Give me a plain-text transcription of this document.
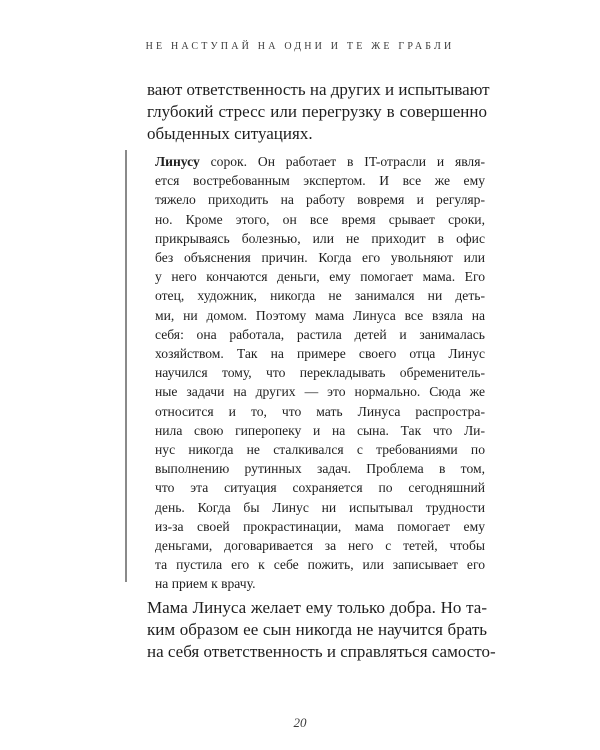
НЕ НАСТУПАЙ НА ОДНИ И ТЕ ЖЕ ГРАБЛИ
вают ответственность на других и испытывают
глубокий стресс или перегрузку в совершенно
обыденных ситуациях.
Линусу сорок. Он работает в IT-отрасли и явля-
ется востребованным экспертом. И все же ему
тяжело приходить на работу вовремя и регуляр-
но. Кроме этого, он все время срывает сроки,
прикрываясь болезнью, или не приходит в офис
без объяснения причин. Когда его увольняют или
у него кончаются деньги, ему помогает мама. Его
отец, художник, никогда не занимался ни деть-
ми, ни домом. Поэтому мама Линуса все взяла на
себя: она работала, растила детей и занималась
хозяйством. Так на примере своего отца Линус
научился тому, что перекладывать обременитель-
ные задачи на других — это нормально. Сюда же
относится и то, что мать Линуса распростра-
нила свою гиперопеку и на сына. Так что Ли-
нус никогда не сталкивался с требованиями по
выполнению рутинных задач. Проблема в том,
что эта ситуация сохраняется по сегодняшний
день. Когда бы Линус ни испытывал трудности
из-за своей прокрастинации, мама помогает ему
деньгами, договаривается за него с тетей, чтобы
та пустила его к себе пожить, или записывает его
на прием к врачу.
Мама Линуса желает ему только добра. Но та-
ким образом ее сын никогда не научится брать
на себя ответственность и справляться самосто-
20
